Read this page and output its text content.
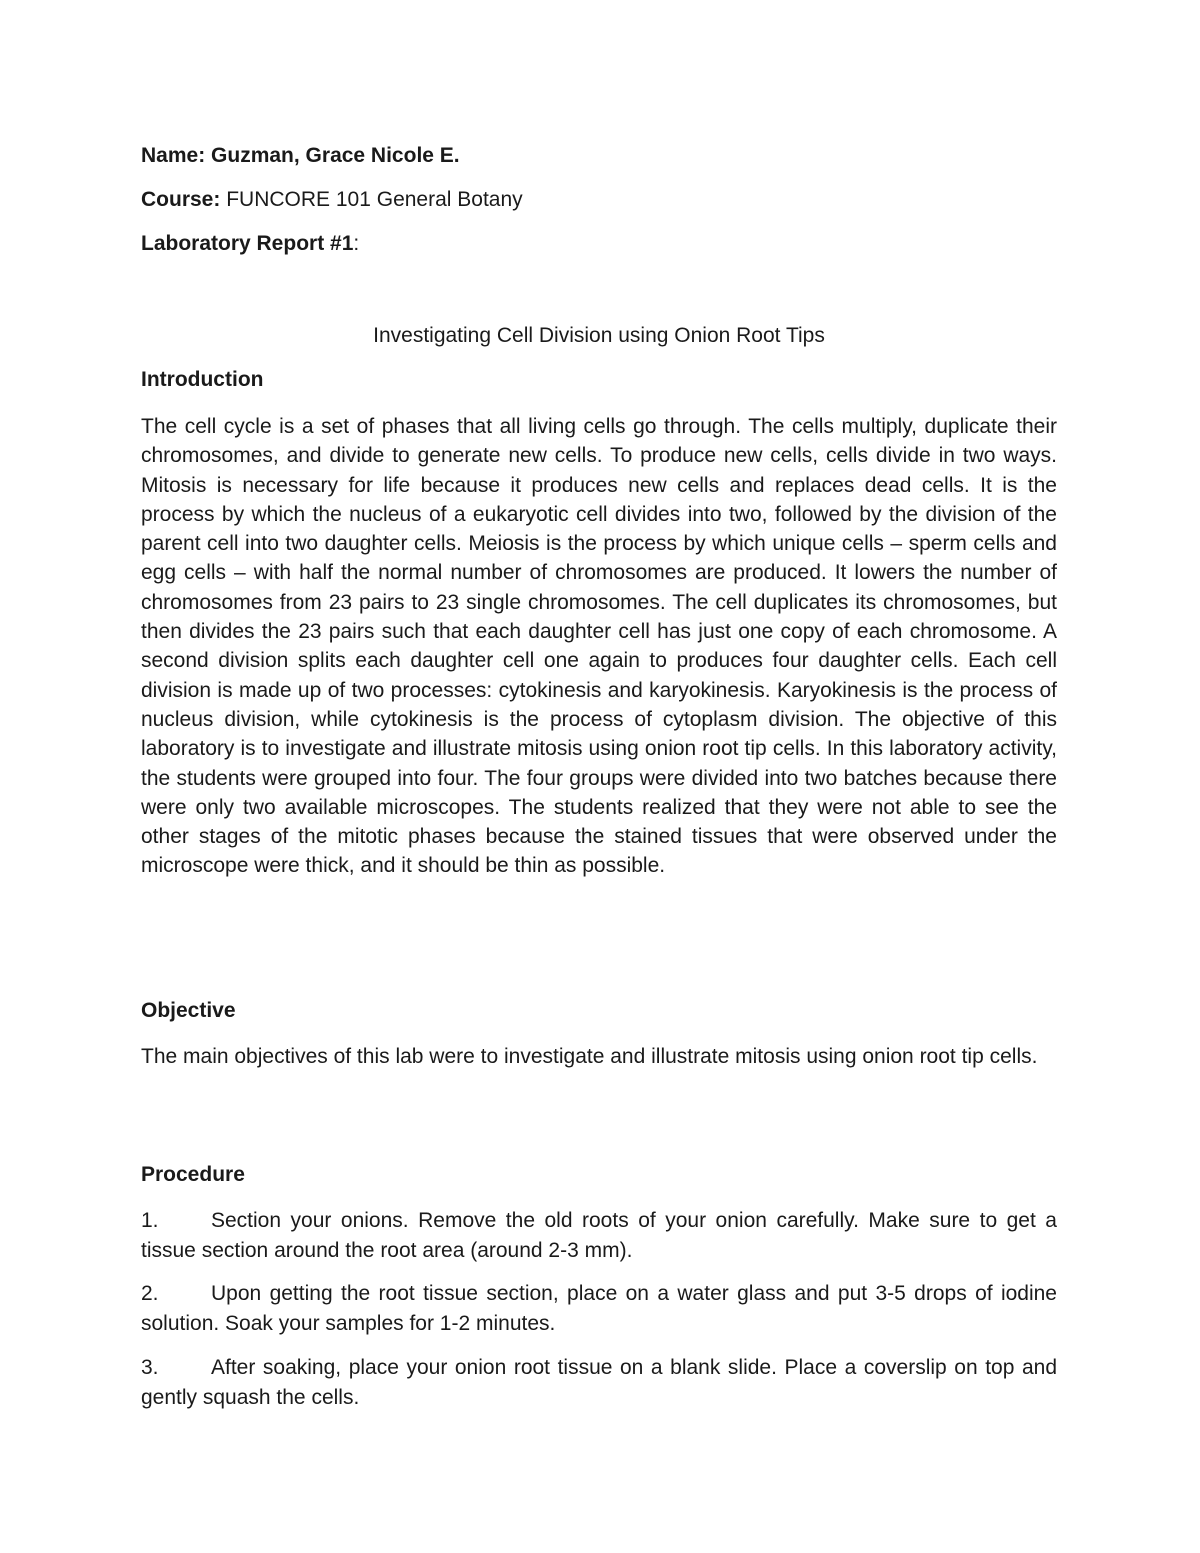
Name: Guzman, Grace Nicole E.

Course: FUNCORE 101 General Botany

Laboratory Report #1:

Investigating Cell Division using Onion Root Tips

Introduction

The cell cycle is a set of phases that all living cells go through. The cells multiply, duplicate their chromosomes, and divide to generate new cells. To produce new cells, cells divide in two ways. Mitosis is necessary for life because it produces new cells and replaces dead cells. It is the process by which the nucleus of a eukaryotic cell divides into two, followed by the division of the parent cell into two daughter cells. Meiosis is the process by which unique cells – sperm cells and egg cells – with half the normal number of chromosomes are produced. It lowers the number of chromosomes from 23 pairs to 23 single chromosomes. The cell duplicates its chromosomes, but then divides the 23 pairs such that each daughter cell has just one copy of each chromosome. A second division splits each daughter cell one again to produces four daughter cells. Each cell division is made up of two processes: cytokinesis and karyokinesis. Karyokinesis is the process of nucleus division, while cytokinesis is the process of cytoplasm division. The objective of this laboratory is to investigate and illustrate mitosis using onion root tip cells. In this laboratory activity, the students were grouped into four. The four groups were divided into two batches because there were only two available microscopes. The students realized that they were not able to see the other stages of the mitotic phases because the stained tissues that were observed under the microscope were thick, and it should be thin as possible.

Objective

The main objectives of this lab were to investigate and illustrate mitosis using onion root tip cells.

Procedure

1. Section your onions. Remove the old roots of your onion carefully. Make sure to get a tissue section around the root area (around 2-3 mm).

2. Upon getting the root tissue section, place on a water glass and put 3-5 drops of iodine solution. Soak your samples for 1-2 minutes.

3. After soaking, place your onion root tissue on a blank slide. Place a coverslip on top and gently squash the cells.
